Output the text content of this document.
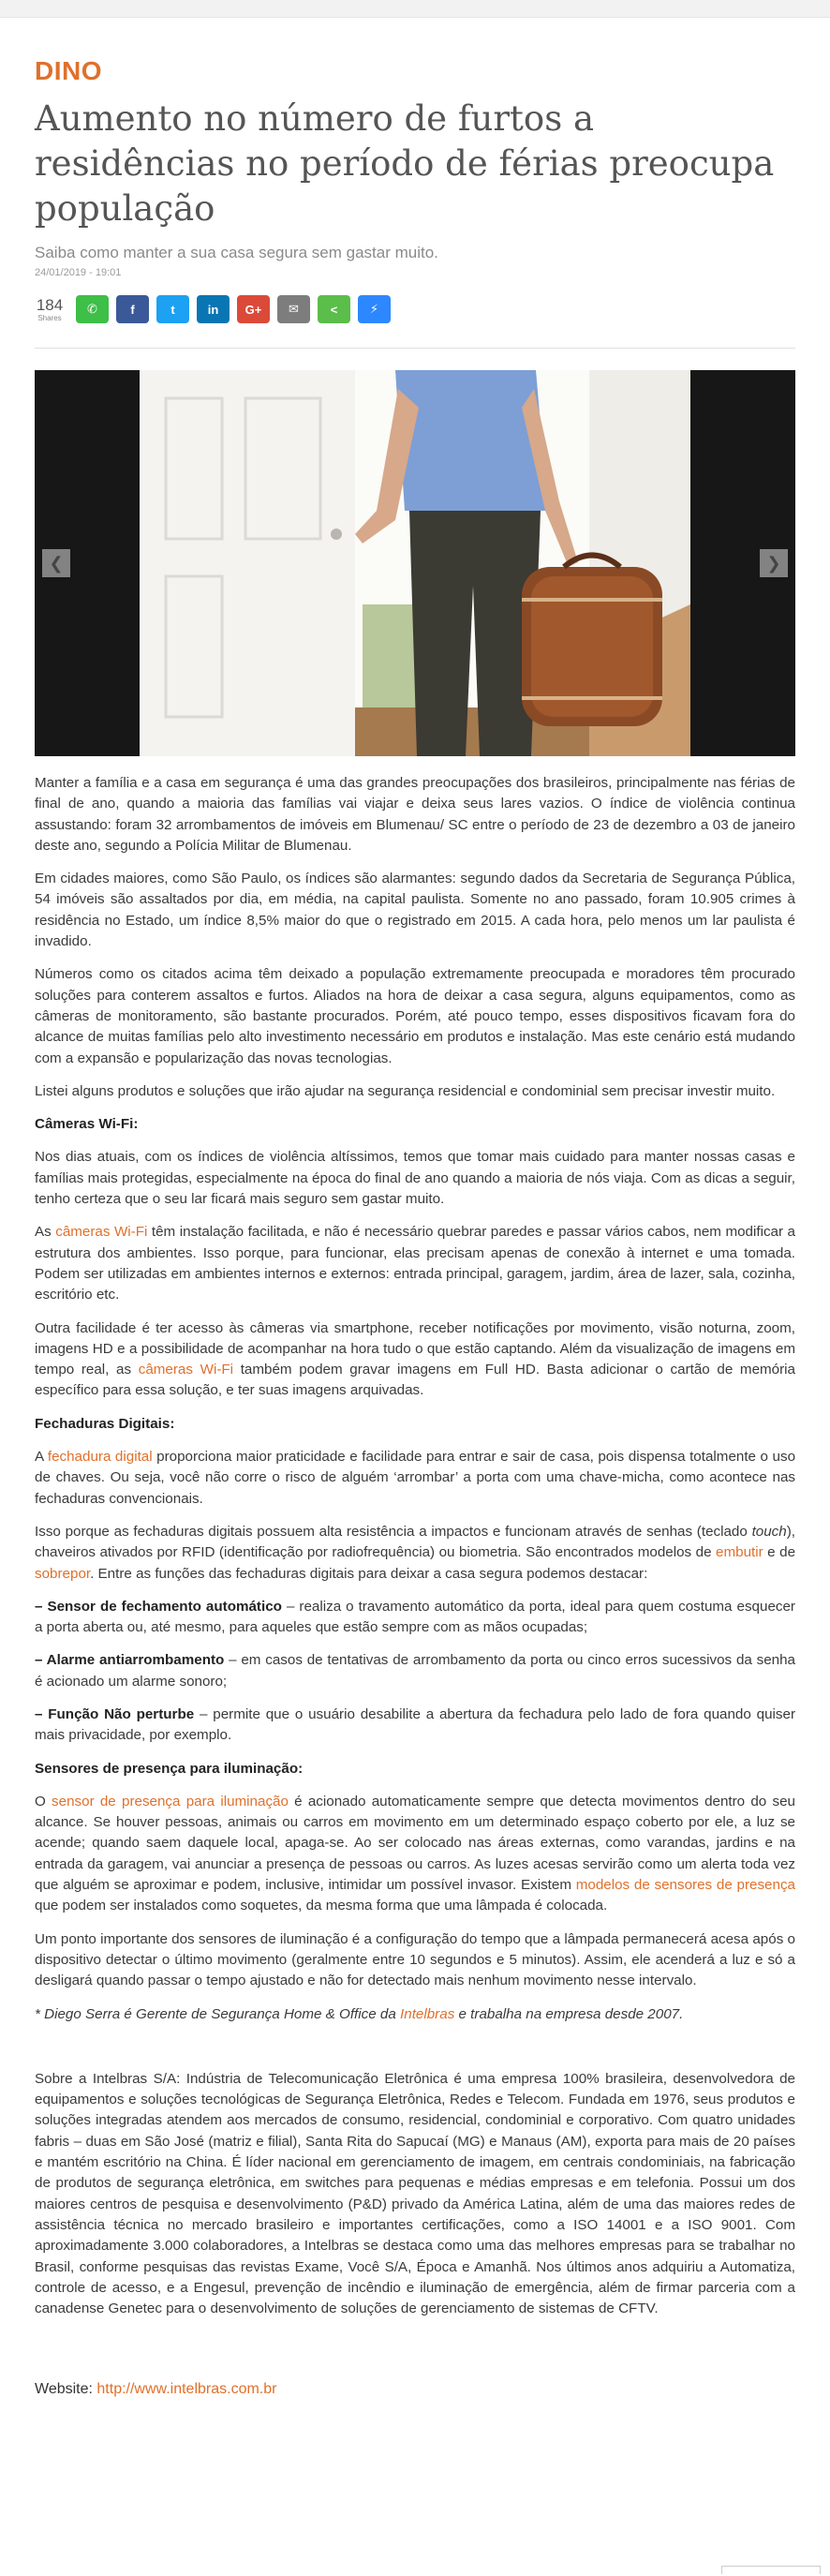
DINO
Aumento no número de furtos a residências no período de férias preocupa população
Saiba como manter a sua casa segura sem gastar muito.
24/01/2019 - 19:01
184
Shares
✆	f	t	in G+ ✉	<	⚡
❮	❯

Manter a família e a casa em segurança é uma das grandes preocupações dos brasileiros, principalmente nas férias de final de ano, quando a maioria das famílias vai viajar e deixa seus lares vazios. O índice de violência continua assustando: foram 32 arrombamentos de imóveis em Blumenau/ SC entre o período de 23 de dezembro a 03 de janeiro deste ano, segundo a Polícia Militar de Blumenau.

Em cidades maiores, como São Paulo, os índices são alarmantes: segundo dados da Secretaria de Segurança Pública, 54 imóveis são assaltados por dia, em média, na capital paulista. Somente no ano passado, foram 10.905 crimes à residência no Estado, um índice 8,5% maior do que o registrado em 2015. A cada hora, pelo menos um lar paulista é invadido.

Números como os citados acima têm deixado a população extremamente preocupada e moradores têm procurado soluções para conterem assaltos e furtos. Aliados na hora de deixar a casa segura, alguns equipamentos, como as câmeras de monitoramento, são bastante procurados. Porém, até pouco tempo, esses dispositivos ficavam fora do alcance de muitas famílias pelo alto investimento necessário em produtos e instalação. Mas este cenário está mudando com a expansão e popularização das novas tecnologias.

Listei alguns produtos e soluções que irão ajudar na segurança residencial e condominial sem precisar investir muito.

Câmeras Wi-Fi:

Nos dias atuais, com os índices de violência altíssimos, temos que tomar mais cuidado para manter nossas casas e famílias mais protegidas, especialmente na época do final de ano quando a maioria de nós viaja. Com as dicas a seguir, tenho certeza que o seu lar ficará mais seguro sem gastar muito.

As câmeras Wi-Fi têm instalação facilitada, e não é necessário quebrar paredes e passar vários cabos, nem modificar a estrutura dos ambientes. Isso porque, para funcionar, elas precisam apenas de conexão à internet e uma tomada. Podem ser utilizadas em ambientes internos e externos: entrada principal, garagem, jardim, área de lazer, sala, cozinha, escritório etc.

Outra facilidade é ter acesso às câmeras via smartphone, receber notificações por movimento, visão noturna, zoom, imagens HD e a possibilidade de acompanhar na hora tudo o que estão captando. Além da visualização de imagens em tempo real, as câmeras Wi-Fi também podem gravar imagens em Full HD. Basta adicionar o cartão de memória específico para essa solução, e ter suas imagens arquivadas.

Fechaduras Digitais:

A fechadura digital proporciona maior praticidade e facilidade para entrar e sair de casa, pois dispensa totalmente o uso de chaves. Ou seja, você não corre o risco de alguém ‘arrombar’ a porta com uma chave-micha, como acontece nas fechaduras convencionais.

Isso porque as fechaduras digitais possuem alta resistência a impactos e funcionam através de senhas (teclado touch), chaveiros ativados por RFID (identificação por radiofrequência) ou biometria. São encontrados modelos de embutir e de sobrepor. Entre as funções das fechaduras digitais para deixar a casa segura podemos destacar:

– Sensor de fechamento automático – realiza o travamento automático da porta, ideal para quem costuma esquecer a porta aberta ou, até mesmo, para aqueles que estão sempre com as mãos ocupadas;

– Alarme antiarrombamento – em casos de tentativas de arrombamento da porta ou cinco erros sucessivos da senha é acionado um alarme sonoro;

– Função Não perturbe – permite que o usuário desabilite a abertura da fechadura pelo lado de fora quando quiser mais privacidade, por exemplo.

Sensores de presença para iluminação:

O sensor de presença para iluminação é acionado automaticamente sempre que detecta movimentos dentro do seu alcance. Se houver pessoas, animais ou carros em movimento em um determinado espaço coberto por ele, a luz se acende; quando saem daquele local, apaga-se. Ao ser colocado nas áreas externas, como varandas, jardins e na entrada da garagem, vai anunciar a presença de pessoas ou carros. As luzes acesas servirão como um alerta toda vez que alguém se aproximar e podem, inclusive, intimidar um possível invasor. Existem modelos de sensores de presença que podem ser instalados como soquetes, da mesma forma que uma lâmpada é colocada.

Um ponto importante dos sensores de iluminação é a configuração do tempo que a lâmpada permanecerá acesa após o dispositivo detectar o último movimento (geralmente entre 10 segundos e 5 minutos). Assim, ele acenderá a luz e só a desligará quando passar o tempo ajustado e não for detectado mais nenhum movimento nesse intervalo.

* Diego Serra é Gerente de Segurança Home & Office da Intelbras e trabalha na empresa desde 2007.

Sobre a Intelbras S/A: Indústria de Telecomunicação Eletrônica é uma empresa 100% brasileira, desenvolvedora de equipamentos e soluções tecnológicas de Segurança Eletrônica, Redes e Telecom. Fundada em 1976, seus produtos e soluções integradas atendem aos mercados de consumo, residencial, condominial e corporativo. Com quatro unidades fabris – duas em São José (matriz e filial), Santa Rita do Sapucaí (MG) e Manaus (AM), exporta para mais de 20 países e mantém escritório na China. É líder nacional em gerenciamento de imagem, em centrais condominiais, na fabricação de produtos de segurança eletrônica, em switches para pequenas e médias empresas e em telefonia. Possui um dos maiores centros de pesquisa e desenvolvimento (P&D) privado da América Latina, além de uma das maiores redes de assistência técnica no mercado brasileiro e importantes certificações, como a ISO 14001 e a ISO 9001. Com aproximadamente 3.000 colaboradores, a Intelbras se destaca como uma das melhores empresas para se trabalhar no Brasil, conforme pesquisas das revistas Exame, Você S/A, Época e Amanhã. Nos últimos anos adquiriu a Automatiza, controle de acesso, e a Engesul, prevenção de incêndio e iluminação de emergência, além de firmar parceria com a canadense Genetec para o desenvolvimento de soluções de gerenciamento de sistemas de CFTV.

Website: http://www.intelbras.com.br
